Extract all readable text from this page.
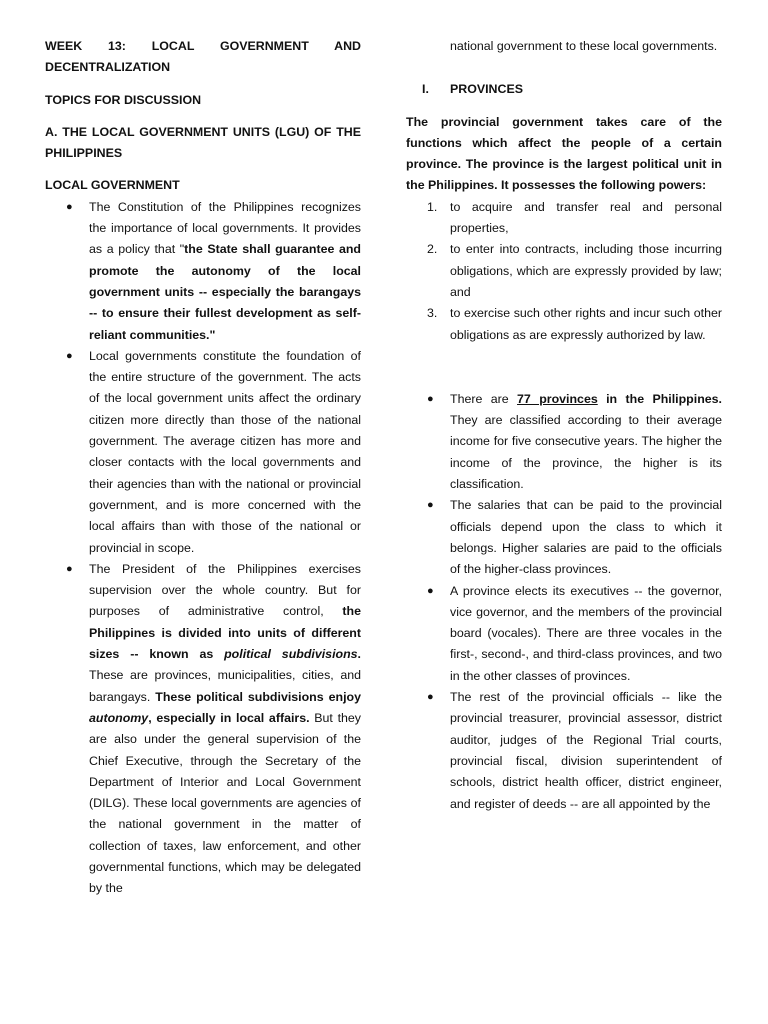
WEEK 13: LOCAL GOVERNMENT AND DECENTRALIZATION

TOPICS FOR DISCUSSION

A. THE LOCAL GOVERNMENT UNITS (LGU) OF THE PHILIPPINES

LOCAL GOVERNMENT

● The Constitution of the Philippines recognizes the importance of local governments. It provides as a policy that "the State shall guarantee and promote the autonomy of the local government units -- especially the barangays -- to ensure their fullest development as self-reliant communities."
● Local governments constitute the foundation of the entire structure of the government. The acts of the local government units affect the ordinary citizen more directly than those of the national government. The average citizen has more and closer contacts with the local governments and their agencies than with the national or provincial government, and is more concerned with the local affairs than with those of the national or provincial in scope.
● The President of the Philippines exercises supervision over the whole country. But for purposes of administrative control, the Philippines is divided into units of different sizes -- known as political subdivisions. These are provinces, municipalities, cities, and barangays. These political subdivisions enjoy autonomy, especially in local affairs. But they are also under the general supervision of the Chief Executive, through the Secretary of the Department of Interior and Local Government (DILG). These local governments are agencies of the national government in the matter of collection of taxes, law enforcement, and other governmental functions, which may be delegated by the
national government to these local governments.

I. PROVINCES

The provincial government takes care of the functions which affect the people of a certain province. The province is the largest political unit in the Philippines. It possesses the following powers:

1. to acquire and transfer real and personal properties,
2. to enter into contracts, including those incurring obligations, which are expressly provided by law; and
3. to exercise such other rights and incur such other obligations as are expressly authorized by law.
● There are 77 provinces in the Philippines. They are classified according to their average income for five consecutive years. The higher the income of the province, the higher is its classification.
● The salaries that can be paid to the provincial officials depend upon the class to which it belongs. Higher salaries are paid to the officials of the higher-class provinces.
● A province elects its executives -- the governor, vice governor, and the members of the provincial board (vocales). There are three vocales in the first-, second-, and third-class provinces, and two in the other classes of provinces.
● The rest of the provincial officials -- like the provincial treasurer, provincial assessor, district auditor, judges of the Regional Trial courts, provincial fiscal, division superintendent of schools, district health officer, district engineer, and register of deeds -- are all appointed by the
